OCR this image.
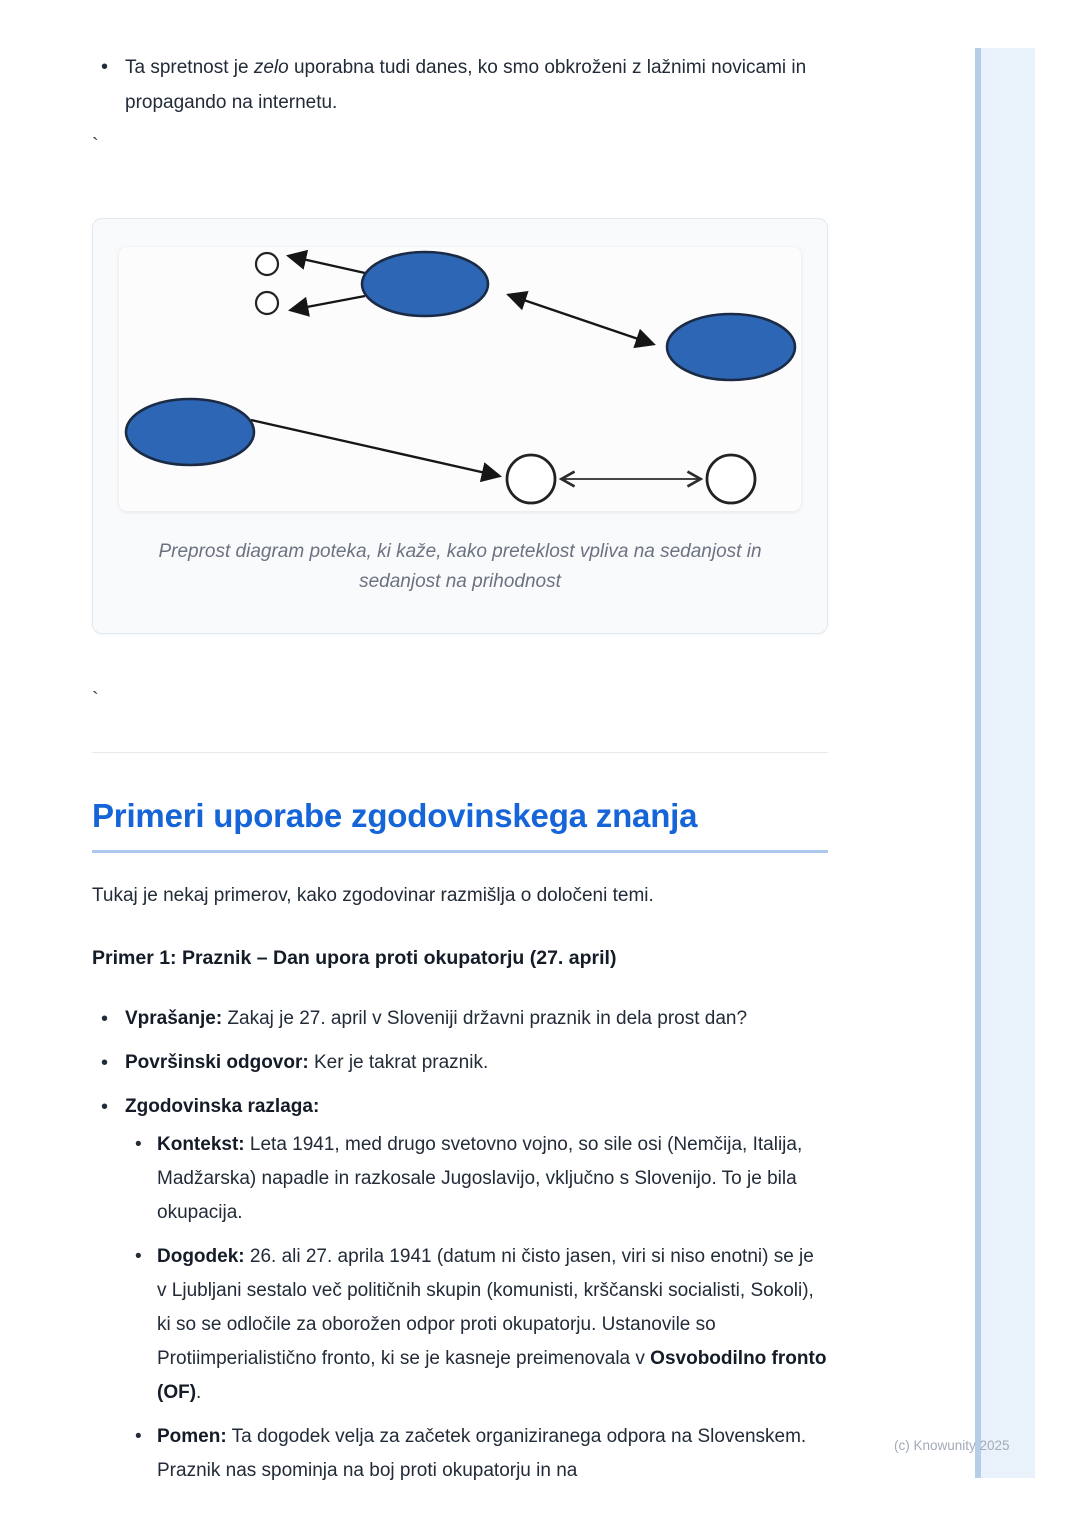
(c) Knowunity 2025
• Ta spretnost je zelo uporabna tudi danes, ko smo obkroženi z lažnimi novicami in propagando na internetu.
`
Preprost diagram poteka, ki kaže, kako preteklost vpliva na sedanjost in
sedanjost na prihodnost
`
Primeri uporabe zgodovinskega znanja

Tukaj je nekaj primerov, kako zgodovinar razmišlja o določeni temi.

Primer 1: Praznik – Dan upora proti okupatorju (27. april)
• Vprašanje: Zakaj je 27. april v Sloveniji državni praznik in dela prost dan?
• Površinski odgovor: Ker je takrat praznik.
• Zgodovinska razlaga:
• Kontekst: Leta 1941, med drugo svetovno vojno, so sile osi (Nemčija, Italija, Madžarska) napadle in razkosale Jugoslavijo, vključno s Slovenijo. To je bila okupacija.
• Dogodek: 26. ali 27. aprila 1941 (datum ni čisto jasen, viri si niso enotni) se je v Ljubljani sestalo več političnih skupin (komunisti, krščanski socialisti, Sokoli), ki so se odločile za oborožen odpor proti okupatorju. Ustanovile so Protiimperialistično fronto, ki se je kasneje preimenovala v Osvobodilno fronto (OF).
• Pomen: Ta dogodek velja za začetek organiziranega odpora na Slovenskem. Praznik nas spominja na boj proti okupatorju in na
